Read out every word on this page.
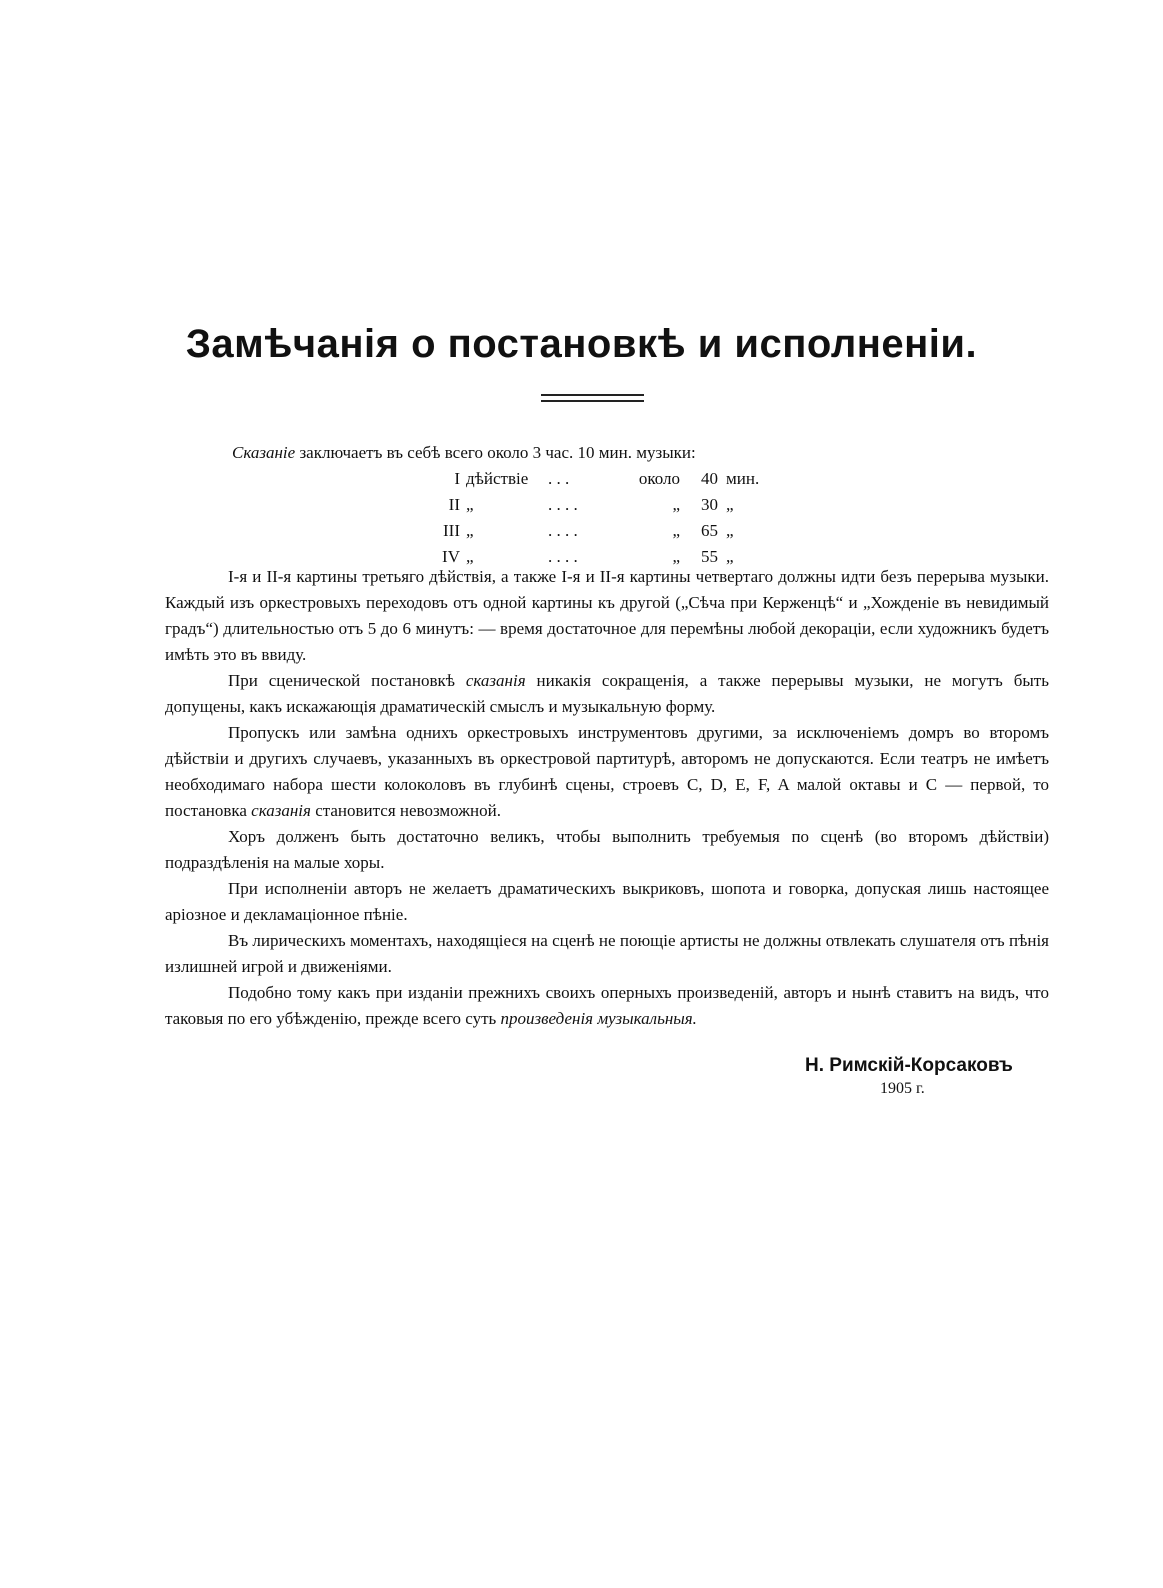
Замѣчанія о постановкѣ и исполненіи.
Сказаніе заключаетъ въ себѣ всего около 3 час. 10 мин. музыки:
I	дѣйствіе	. . .	около	40	мин.
II	„	. . . .	„	30	„
III	„	. . . .	„	65	„
IV	„	. . . .	„	55	„

I-я и II-я картины третьяго дѣйствія, а также I-я и II-я картины четвертаго должны идти безъ перерыва музыки. Каждый изъ оркестровыхъ переходовъ отъ одной картины къ другой („Сѣча при Керженцѣ“ и „Хожденіе въ невидимый градъ“) длительностью отъ 5 до 6 минутъ: — время достаточное для перемѣны любой декораціи, если художникъ будетъ имѣть это въ ввиду.

При сценической постановкѣ сказанія никакія сокращенія, а также перерывы музыки, не могутъ быть допущены, какъ искажающія драматическій смыслъ и музыкальную форму.

Пропускъ или замѣна однихъ оркестровыхъ инструментовъ другими, за исключеніемъ домръ во второмъ дѣйствіи и другихъ случаевъ, указанныхъ въ оркестровой партитурѣ, авторомъ не допускаются. Если театръ не имѣетъ необходимаго набора шести колоколовъ въ глубинѣ сцены, строевъ C, D, E, F, A малой октавы и C — первой, то постановка сказанія становится невозможной.

Хоръ долженъ быть достаточно великъ, чтобы выполнить требуемыя по сценѣ (во второмъ дѣйствіи) подраздѣленія на малые хоры.

При исполненіи авторъ не желаетъ драматическихъ выкриковъ, шопота и говорка, допуская лишь настоящее аріозное и декламаціонное пѣніе.

Въ лирическихъ моментахъ, находящіеся на сценѣ не поющіе артисты не должны отвлекать слушателя отъ пѣнія излишней игрой и движеніями.

Подобно тому какъ при изданіи прежнихъ своихъ оперныхъ произведеній, авторъ и нынѣ ставитъ на видъ, что таковыя по его убѣжденію, прежде всего суть произведенія музыкальныя.

Н. Римскій-Корсаковъ
1905 г.
